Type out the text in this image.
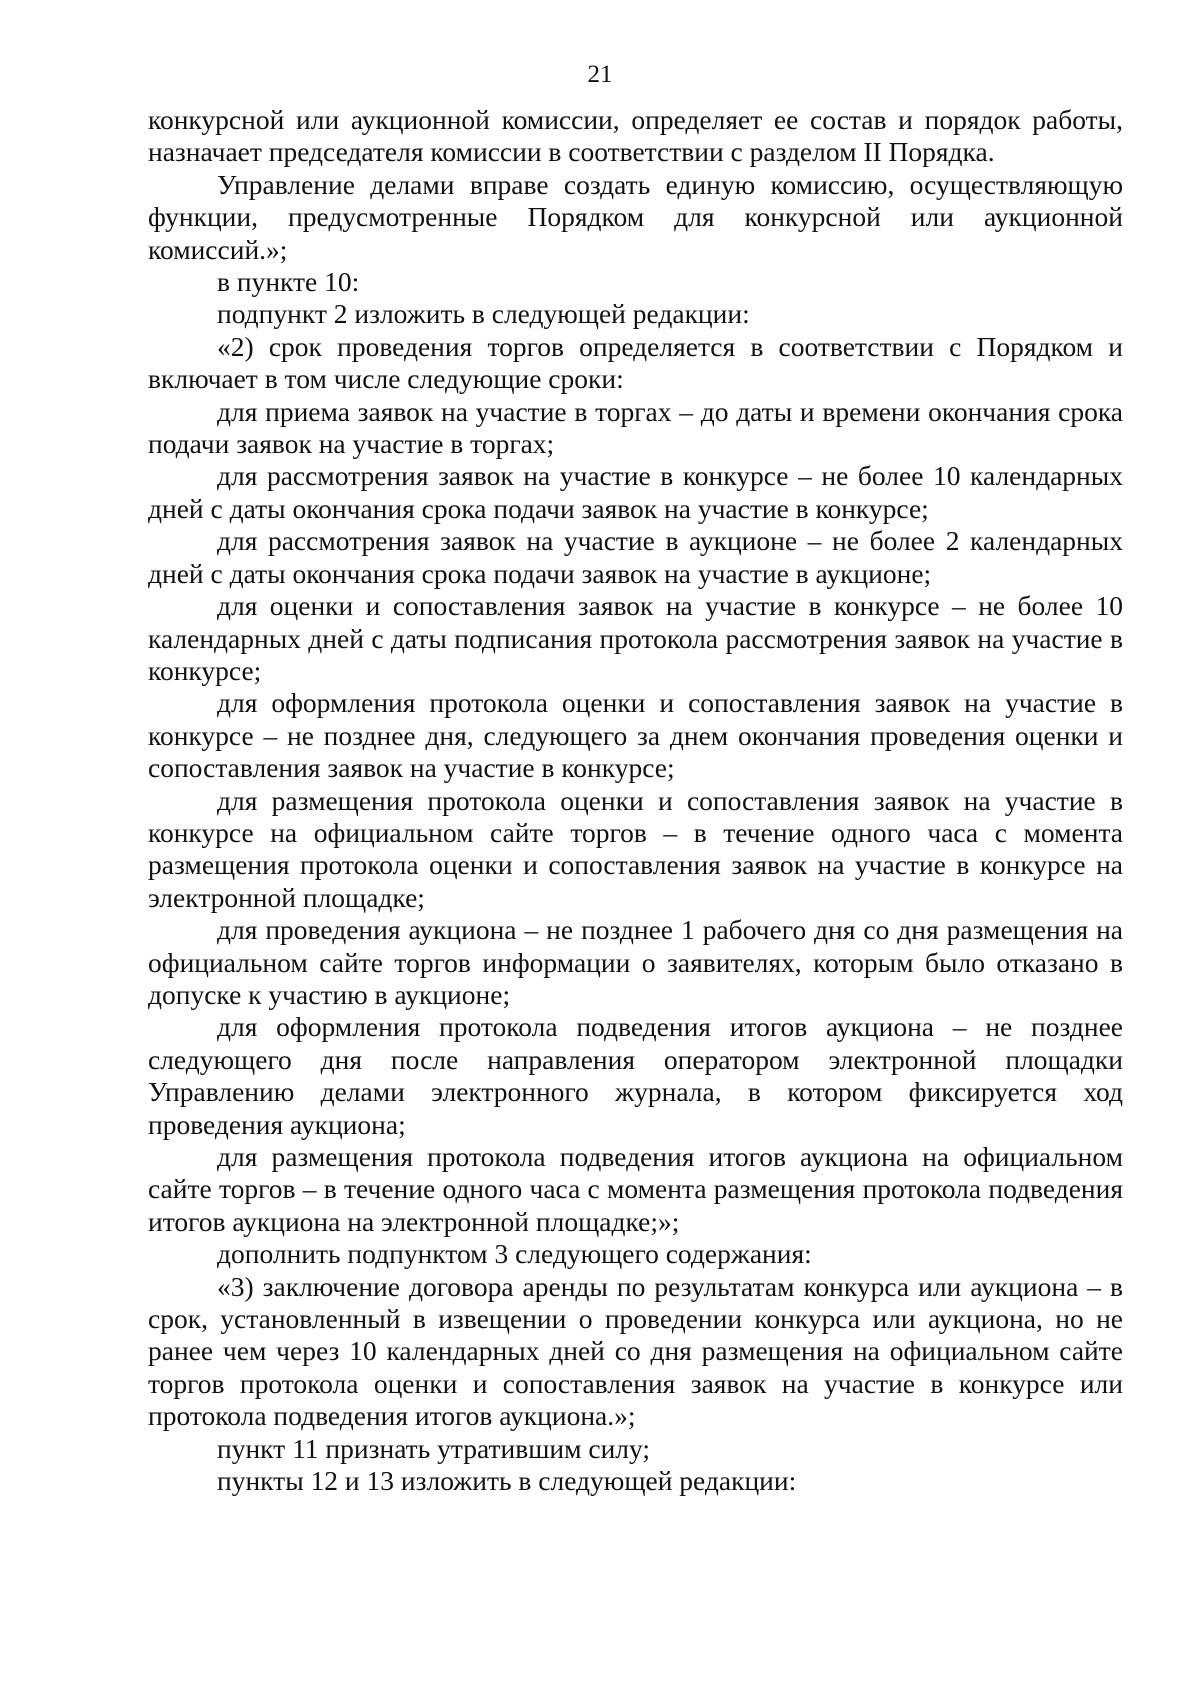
21

конкурсной или аукционной комиссии, определяет ее состав и порядок работы, назначает председателя комиссии в соответствии с разделом II Порядка.

Управление делами вправе создать единую комиссию, осуществляющую функции, предусмотренные Порядком для конкурсной или аукционной комиссий.»;

в пункте 10:

подпункт 2 изложить в следующей редакции:

«2) срок проведения торгов определяется в соответствии с Порядком и включает в том числе следующие сроки:

для приема заявок на участие в торгах – до даты и времени окончания срока подачи заявок на участие в торгах;

для рассмотрения заявок на участие в конкурсе – не более 10 календарных дней с даты окончания срока подачи заявок на участие в конкурсе;

для рассмотрения заявок на участие в аукционе – не более 2 календарных дней с даты окончания срока подачи заявок на участие в аукционе;

для оценки и сопоставления заявок на участие в конкурсе – не более 10 календарных дней с даты подписания протокола рассмотрения заявок на участие в конкурсе;

для оформления протокола оценки и сопоставления заявок на участие в конкурсе – не позднее дня, следующего за днем окончания проведения оценки и сопоставления заявок на участие в конкурсе;

для размещения протокола оценки и сопоставления заявок на участие в конкурсе на официальном сайте торгов – в течение одного часа с момента размещения протокола оценки и сопоставления заявок на участие в конкурсе на электронной площадке;

для проведения аукциона – не позднее 1 рабочего дня со дня размещения на официальном сайте торгов информации о заявителях, которым было отказано в допуске к участию в аукционе;

для оформления протокола подведения итогов аукциона – не позднее следующего дня после направления оператором электронной площадки Управлению делами электронного журнала, в котором фиксируется ход проведения аукциона;

для размещения протокола подведения итогов аукциона на официальном сайте торгов – в течение одного часа с момента размещения протокола подведения итогов аукциона на электронной площадке;»;

дополнить подпунктом 3 следующего содержания:

«3) заключение договора аренды по результатам конкурса или аукциона – в срок, установленный в извещении о проведении конкурса или аукциона, но не ранее чем через 10 календарных дней со дня размещения на официальном сайте торгов протокола оценки и сопоставления заявок на участие в конкурсе или протокола подведения итогов аукциона.»;

пункт 11 признать утратившим силу;

пункты 12 и 13 изложить в следующей редакции:
